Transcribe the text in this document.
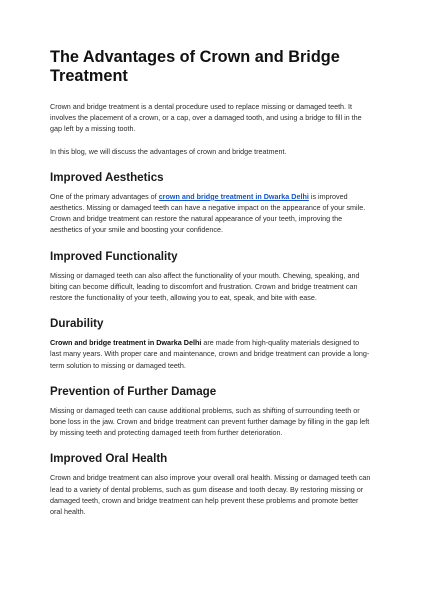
The Advantages of Crown and Bridge Treatment

Crown and bridge treatment is a dental procedure used to replace missing or damaged teeth. It involves the placement of a crown, or a cap, over a damaged tooth, and using a bridge to fill in the gap left by a missing tooth.

In this blog, we will discuss the advantages of crown and bridge treatment.

Improved Aesthetics

One of the primary advantages of crown and bridge treatment in Dwarka Delhi is improved aesthetics. Missing or damaged teeth can have a negative impact on the appearance of your smile. Crown and bridge treatment can restore the natural appearance of your teeth, improving the aesthetics of your smile and boosting your confidence.

Improved Functionality

Missing or damaged teeth can also affect the functionality of your mouth. Chewing, speaking, and biting can become difficult, leading to discomfort and frustration. Crown and bridge treatment can restore the functionality of your teeth, allowing you to eat, speak, and bite with ease.

Durability

Crown and bridge treatment in Dwarka Delhi are made from high-quality materials designed to last many years. With proper care and maintenance, crown and bridge treatment can provide a long-term solution to missing or damaged teeth.

Prevention of Further Damage

Missing or damaged teeth can cause additional problems, such as shifting of surrounding teeth or bone loss in the jaw. Crown and bridge treatment can prevent further damage by filling in the gap left by missing teeth and protecting damaged teeth from further deterioration.

Improved Oral Health

Crown and bridge treatment can also improve your overall oral health. Missing or damaged teeth can lead to a variety of dental problems, such as gum disease and tooth decay. By restoring missing or damaged teeth, crown and bridge treatment can help prevent these problems and promote better oral health.
